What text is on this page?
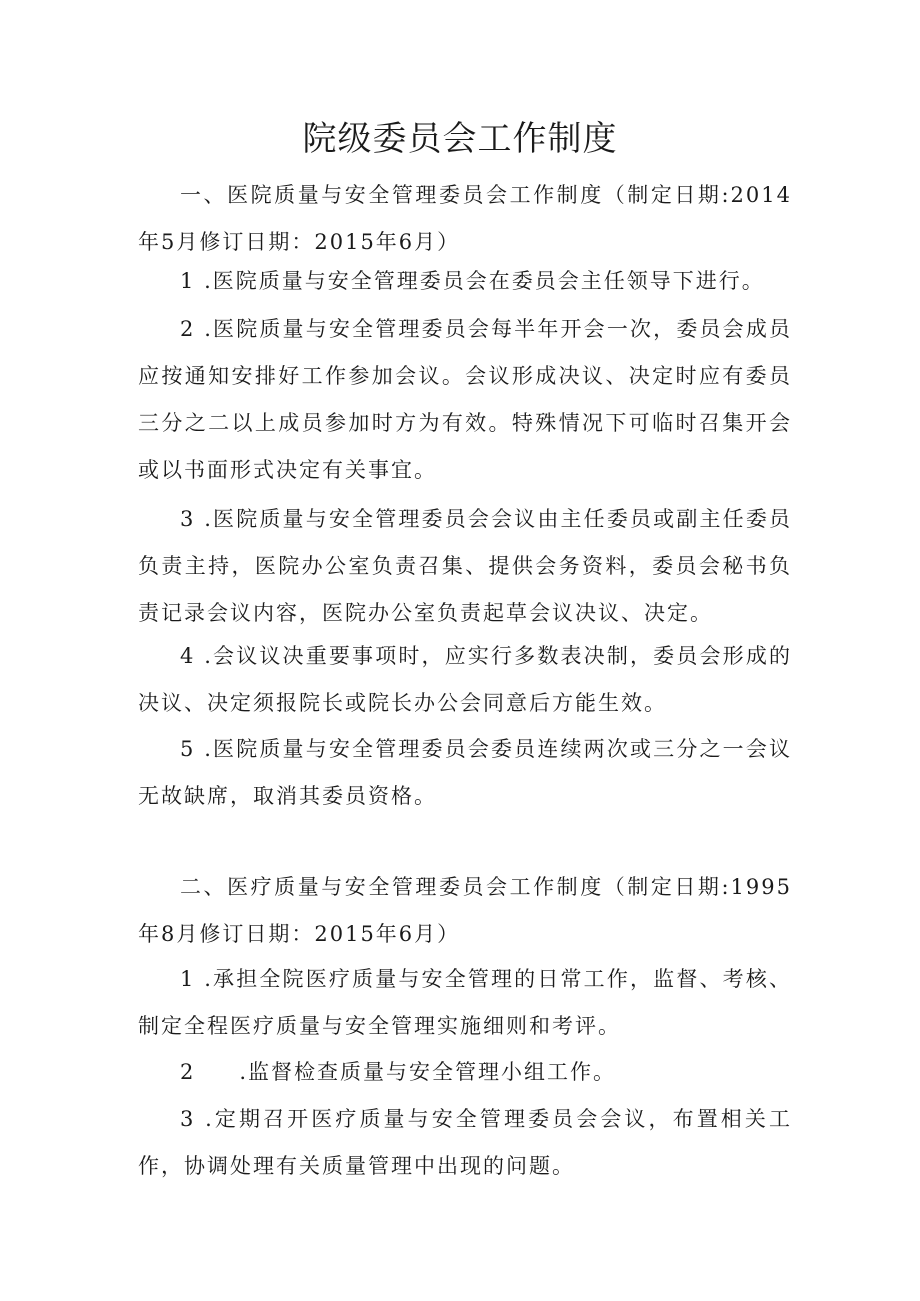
院级委员会工作制度

一、医院质量与安全管理委员会工作制度（制定日期:2014年5月修订日期：2015年6月）

1 .医院质量与安全管理委员会在委员会主任领导下进行。

2 .医院质量与安全管理委员会每半年开会一次，委员会成员应按通知安排好工作参加会议。会议形成决议、决定时应有委员三分之二以上成员参加时方为有效。特殊情况下可临时召集开会或以书面形式决定有关事宜。

3 .医院质量与安全管理委员会会议由主任委员或副主任委员负责主持，医院办公室负责召集、提供会务资料，委员会秘书负责记录会议内容，医院办公室负责起草会议决议、决定。

4 .会议议决重要事项时，应实行多数表决制，委员会形成的决议、决定须报院长或院长办公会同意后方能生效。

5 .医院质量与安全管理委员会委员连续两次或三分之一会议无故缺席，取消其委员资格。

二、医疗质量与安全管理委员会工作制度（制定日期:1995年8月修订日期：2015年6月）

1 .承担全院医疗质量与安全管理的日常工作，监督、考核、制定全程医疗质量与安全管理实施细则和考评。

2 .监督检查质量与安全管理小组工作。

3 .定期召开医疗质量与安全管理委员会会议，布置相关工作，协调处理有关质量管理中出现的问题。
